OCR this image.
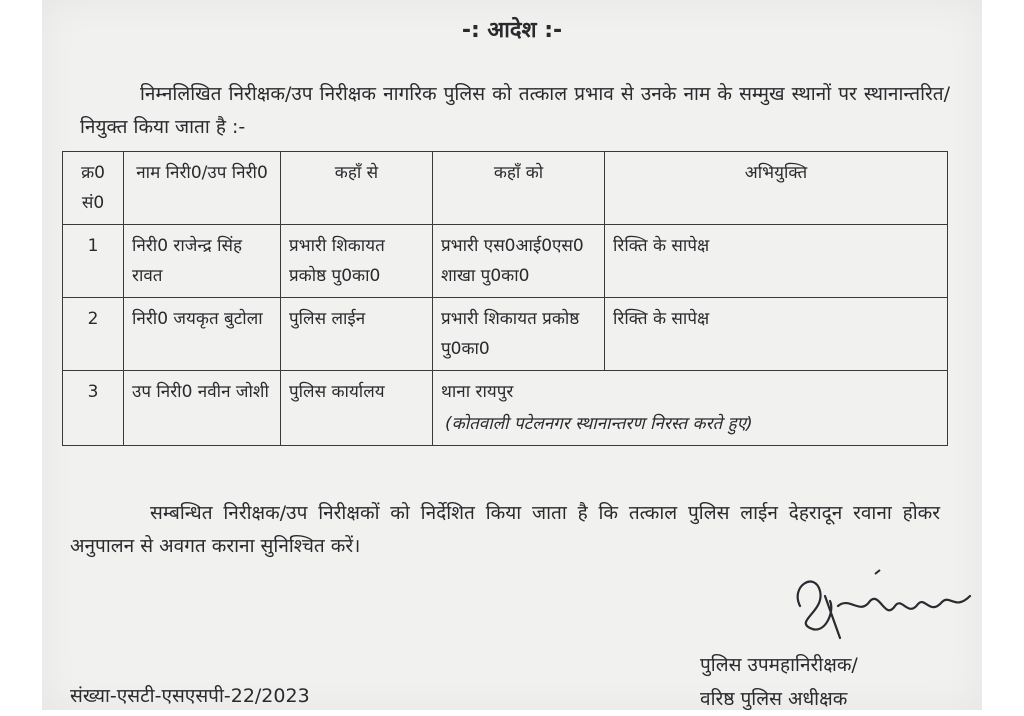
-: आदेश :-
निम्नलिखित निरीक्षक/उप निरीक्षक नागरिक पुलिस को तत्काल प्रभाव से उनके नाम के सम्मुख स्थानों पर स्थानान्तरित/नियुक्त किया जाता है :-
क्र0 सं0	नाम निरी0/उप निरी0	कहाँ से	कहाँ को	अभियुक्ति
1	निरी0 राजेन्द्र सिंह रावत	प्रभारी शिकायत प्रकोष्ठ पु0का0	प्रभारी एस0आई0एस0 शाखा पु0का0	रिक्ति के सापेक्ष
2	निरी0 जयकृत बुटोला	पुलिस लाईन	प्रभारी शिकायत प्रकोष्ठ पु0का0	रिक्ति के सापेक्ष
3	उप निरी0 नवीन जोशी	पुलिस कार्यालय	थाना रायपुर
(कोतवाली पटेलनगर स्थानान्तरण निरस्त करते हुए)	
सम्बन्धित निरीक्षक/उप निरीक्षकों को निर्देशित किया जाता है कि तत्काल पुलिस लाईन देहरादून रवाना होकर अनुपालन से अवगत कराना सुनिश्चित करें।
पुलिस उपमहानिरीक्षक/
वरिष्ठ पुलिस अधीक्षक
संख्या-एसटी-एसएसपी-22/2023
